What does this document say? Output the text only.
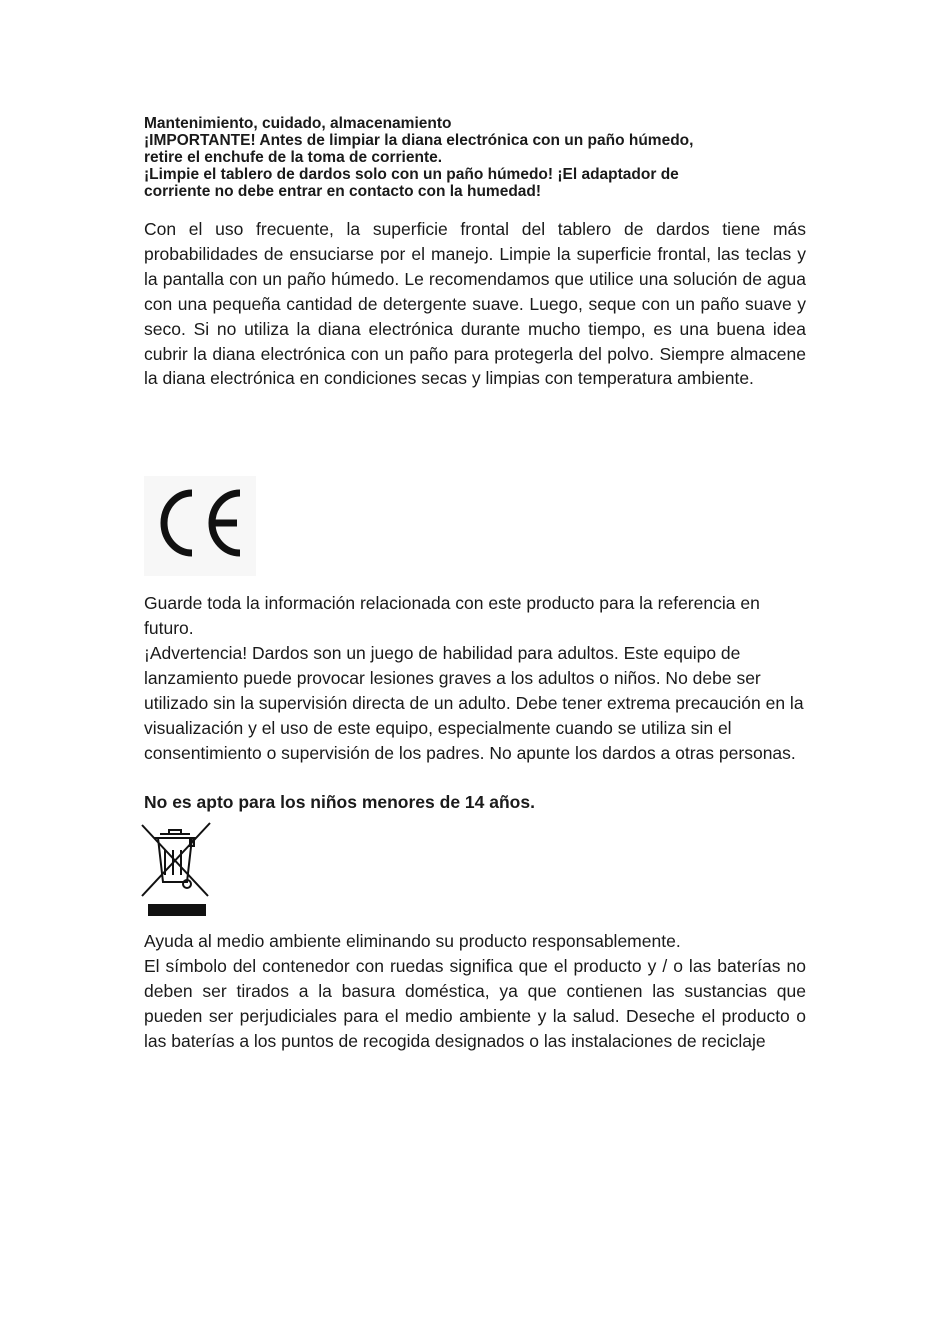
Mantenimiento, cuidado, almacenamiento
¡IMPORTANTE! Antes de limpiar la diana electrónica con un paño húmedo,
retire el enchufe de la toma de corriente.
¡Limpie el tablero de dardos solo con un paño húmedo! ¡El adaptador de
corriente no debe entrar en contacto con la humedad!

Con el uso frecuente, la superficie frontal del tablero de dardos tiene más probabilidades de ensuciarse por el manejo. Limpie la superficie frontal, las teclas y la pantalla con un paño húmedo. Le recomendamos que utilice una solución de agua con una pequeña cantidad de detergente suave. Luego, seque con un paño suave y seco. Si no utiliza la diana electrónica durante mucho tiempo, es una buena idea cubrir la diana electrónica con un paño para protegerla del polvo. Siempre almacene la diana electrónica en condiciones secas y limpias con temperatura ambiente.

Guarde toda la información relacionada con este producto para la referencia en futuro.

¡Advertencia! Dardos son un juego de habilidad para adultos. Este equipo de lanzamiento puede provocar lesiones graves a los adultos o niños. No debe ser utilizado sin la supervisión directa de un adulto. Debe tener extrema precaución en la visualización y el uso de este equipo, especialmente cuando se utiliza sin el consentimiento o supervisión de los padres. No apunte los dardos a otras personas.

No es apto para los niños menores de 14 años.

Ayuda al medio ambiente eliminando su producto responsablemente.

El símbolo del contenedor con ruedas significa que el producto y / o las baterías no deben ser tirados a la basura doméstica, ya que contienen las sustancias que pueden ser perjudiciales para el medio ambiente y la salud. Deseche el producto o las baterías a los puntos de recogida designados o las instalaciones de reciclaje
